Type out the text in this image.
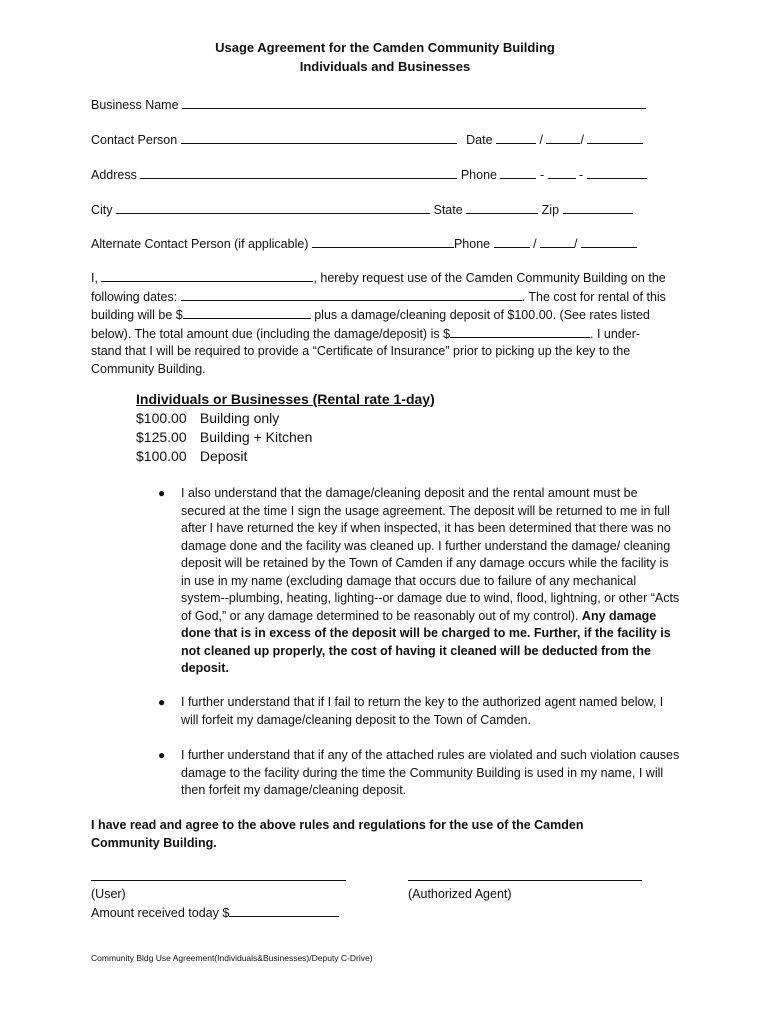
Usage Agreement for the Camden Community Building
Individuals and Businesses
Business Name
Contact Person	Date	/	/
Address	Phone	-  -
City	State	Zip
Alternate Contact Person (if applicable)	Phone	/	/

I,	, hereby request use of the Camden Community Building on the

following dates:	. The cost for rental of this

building will be $	plus a damage/cleaning deposit of $100.00. (See rates listed

below). The total amount due (including the damage/deposit) is $	. I under-

stand that I will be required to provide a “Certificate of Insurance” prior to picking up the key to the

Community Building.

Individuals or Businesses (Rental rate 1-day)
$100.00 Building only
$125.00 Building + Kitchen
$100.00 Deposit
● I also understand that the damage/cleaning deposit and the rental amount must be secured at the time I sign the usage agreement. The deposit will be returned to me in full after I have returned the key if when inspected, it has been determined that there was no damage done and the facility was cleaned up. I further understand the damage/ cleaning deposit will be retained by the Town of Camden if any damage occurs while the facility is in use in my name (excluding damage that occurs due to failure of any mechanical system--plumbing, heating, lighting--or damage due to wind, flood, lightning, or other “Acts of God,” or any damage determined to be reasonably out of my control). Any damage done that is in excess of the deposit will be charged to me. Further, if the facility is not cleaned up properly, the cost of having it cleaned will be deducted from the deposit.
● I further understand that if I fail to return the key to the authorized agent named below, I will forfeit my damage/cleaning deposit to the Town of Camden.
● I further understand that if any of the attached rules are violated and such violation causes damage to the facility during the time the Community Building is used in my name, I will then forfeit my damage/cleaning deposit.
I have read and agree to the above rules and regulations for the use of the Camden Community Building.
(User)	(Authorized Agent)
Amount received today $
Community Bldg Use Agreement(Individuals&Businesses)/Deputy C-Drive)
